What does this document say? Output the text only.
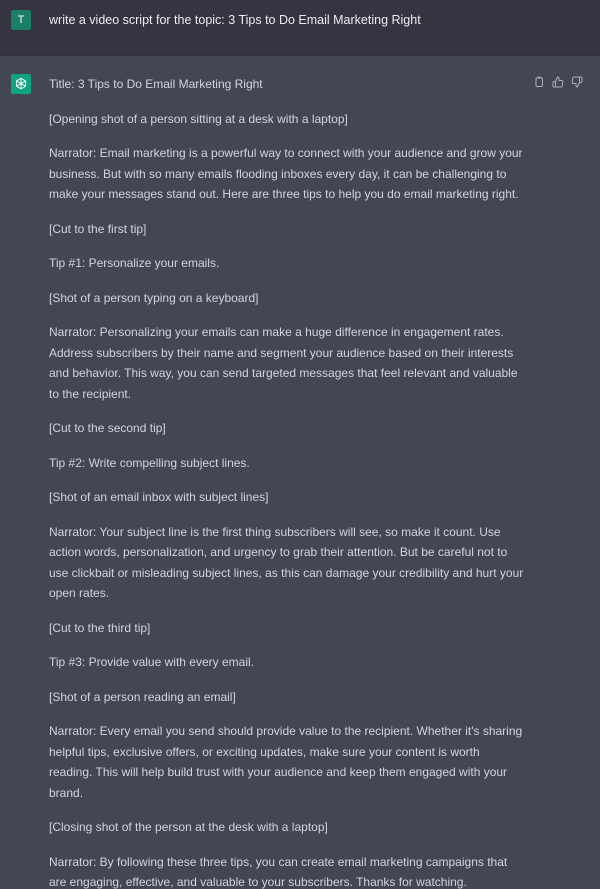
T	write a video script for the topic: 3 Tips to Do Email Marketing Right

Title: 3 Tips to Do Email Marketing Right

[Opening shot of a person sitting at a desk with a laptop]

Narrator: Email marketing is a powerful way to connect with your audience and grow your business. But with so many emails flooding inboxes every day, it can be challenging to make your messages stand out. Here are three tips to help you do email marketing right.

[Cut to the first tip]

Tip #1: Personalize your emails.

[Shot of a person typing on a keyboard]

Narrator: Personalizing your emails can make a huge difference in engagement rates. Address subscribers by their name and segment your audience based on their interests and behavior. This way, you can send targeted messages that feel relevant and valuable to the recipient.

[Cut to the second tip]

Tip #2: Write compelling subject lines.

[Shot of an email inbox with subject lines]

Narrator: Your subject line is the first thing subscribers will see, so make it count. Use action words, personalization, and urgency to grab their attention. But be careful not to use clickbait or misleading subject lines, as this can damage your credibility and hurt your open rates.

[Cut to the third tip]

Tip #3: Provide value with every email.

[Shot of a person reading an email]

Narrator: Every email you send should provide value to the recipient. Whether it's sharing helpful tips, exclusive offers, or exciting updates, make sure your content is worth reading. This will help build trust with your audience and keep them engaged with your brand.

[Closing shot of the person at the desk with a laptop]

Narrator: By following these three tips, you can create email marketing campaigns that are engaging, effective, and valuable to your subscribers. Thanks for watching.
